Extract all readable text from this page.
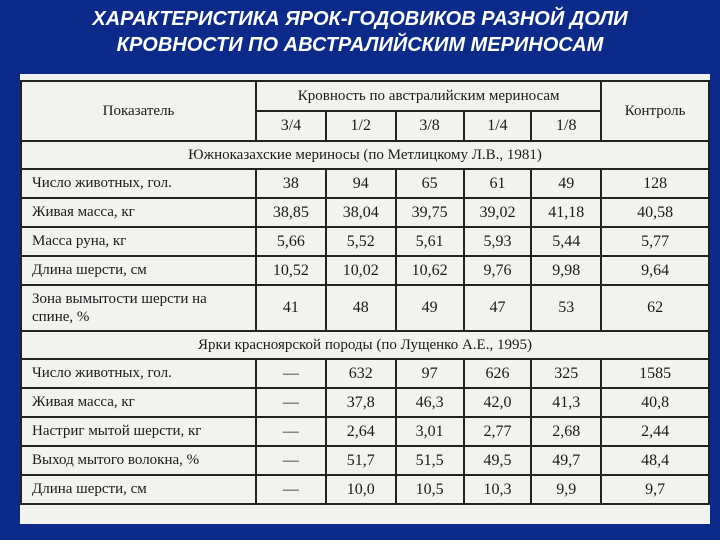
ХАРАКТЕРИСТИКА ЯРОК-ГОДОВИКОВ РАЗНОЙ ДОЛИ
КРОВНОСТИ ПО АВСТРАЛИЙСКИМ МЕРИНОСАМ
Показатель	Кровность по австралийским мериносам					Контроль
	3/4	1/2	3/8	1/4	1/8	
Южноказахские мериносы (по Метлицкому Л.В., 1981)						
Число животных, гол.	38	94	65	61	49	128
Живая масса, кг	38,85	38,04	39,75	39,02	41,18	40,58
Масса руна, кг	5,66	5,52	5,61	5,93	5,44	5,77
Длина шерсти, см	10,52	10,02	10,62	9,76	9,98	9,64

Зона вымытости шерсти на
спине, %	41	48	49	47	53	62
Ярки красноярской породы (по Лущенко А.Е., 1995)						
Число животных, гол.	—	632	97	626	325	1585
Живая масса, кг	—	37,8	46,3	42,0	41,3	40,8
Настриг мытой шерсти, кг	—	2,64	3,01	2,77	2,68	2,44
Выход мытого волокна, %	—	51,7	51,5	49,5	49,7	48,4
Длина шерсти, см	—	10,0	10,5	10,3	9,9	9,7
